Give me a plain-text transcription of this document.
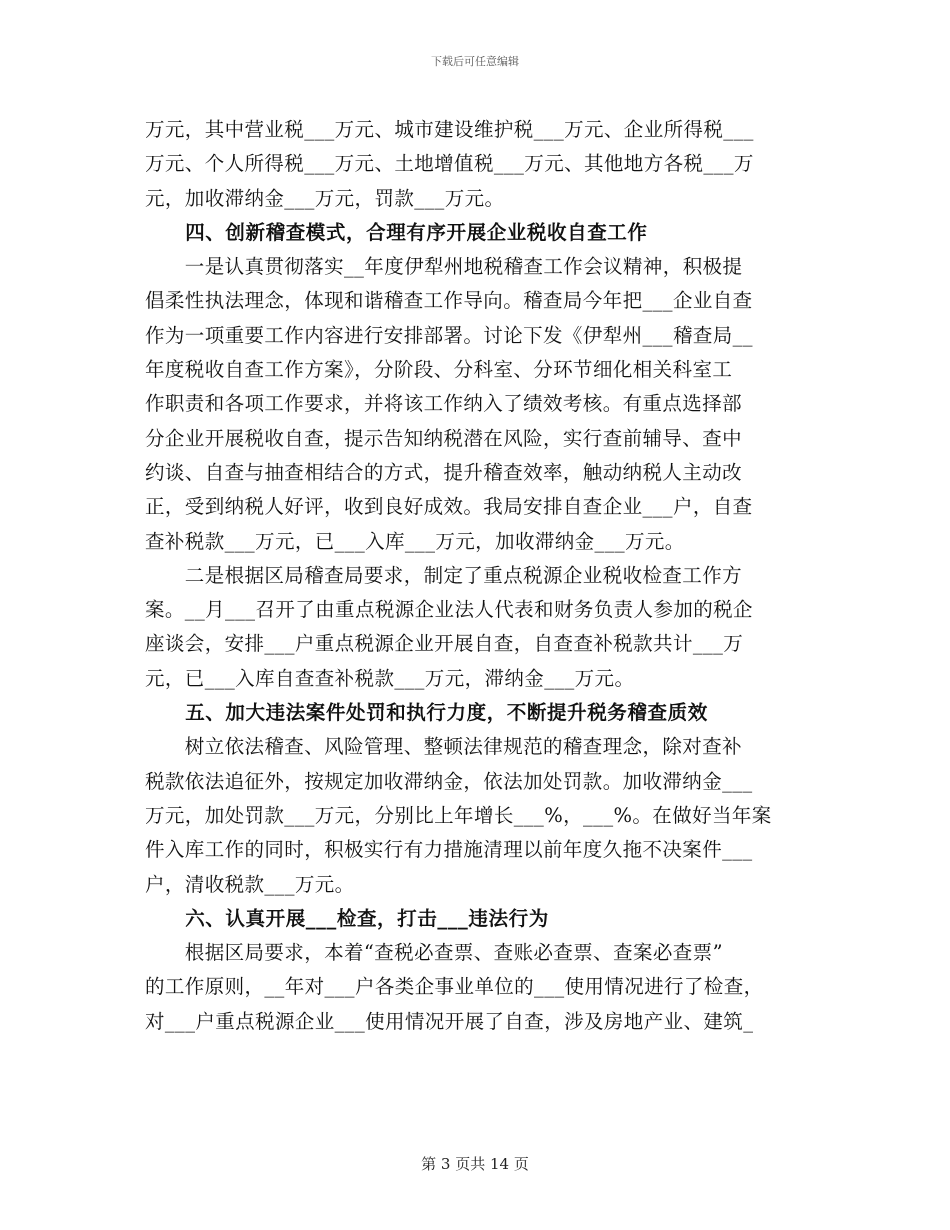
下载后可任意编辑
万元，其中营业税___万元、城市建设维护税___万元、企业所得税___
万元、个人所得税___万元、土地增值税___万元、其他地方各税___万
元，加收滞纳金___万元，罚款___万元。
　　四、创新稽查模式，合理有序开展企业税收自查工作
　　一是认真贯彻落实__年度伊犁州地税稽查工作会议精神，积极提
倡柔性执法理念，体现和谐稽查工作导向。稽查局今年把___企业自查
作为一项重要工作内容进行安排部署。讨论下发《伊犁州___稽查局__
年度税收自查工作方案》，分阶段、分科室、分环节细化相关科室工
作职责和各项工作要求，并将该工作纳入了绩效考核。有重点选择部
分企业开展税收自查，提示告知纳税潜在风险，实行查前辅导、查中
约谈、自查与抽查相结合的方式，提升稽查效率，触动纳税人主动改
正，受到纳税人好评，收到良好成效。我局安排自查企业___户，自查
查补税款___万元，已___入库___万元，加收滞纳金___万元。
　　二是根据区局稽查局要求，制定了重点税源企业税收检查工作方
案。__月___召开了由重点税源企业法人代表和财务负责人参加的税企
座谈会，安排___户重点税源企业开展自查，自查查补税款共计___万
元，已___入库自查查补税款___万元，滞纳金___万元。
　　五、加大违法案件处罚和执行力度，不断提升税务稽查质效
　　树立依法稽查、风险管理、整顿法律规范的稽查理念，除对查补
税款依法追征外，按规定加收滞纳金，依法加处罚款。加收滞纳金___
万元，加处罚款___万元，分别比上年增长___%，___%。在做好当年案
件入库工作的同时，积极实行有力措施清理以前年度久拖不决案件___
户，清收税款___万元。
　　六、认真开展___检查，打击___违法行为
　　根据区局要求，本着“查税必查票、查账必查票、查案必查票”
的工作原则，__年对___户各类企事业单位的___使用情况进行了检查，
对___户重点税源企业___使用情况开展了自查，涉及房地产业、建筑_
第 3 页共 14 页
